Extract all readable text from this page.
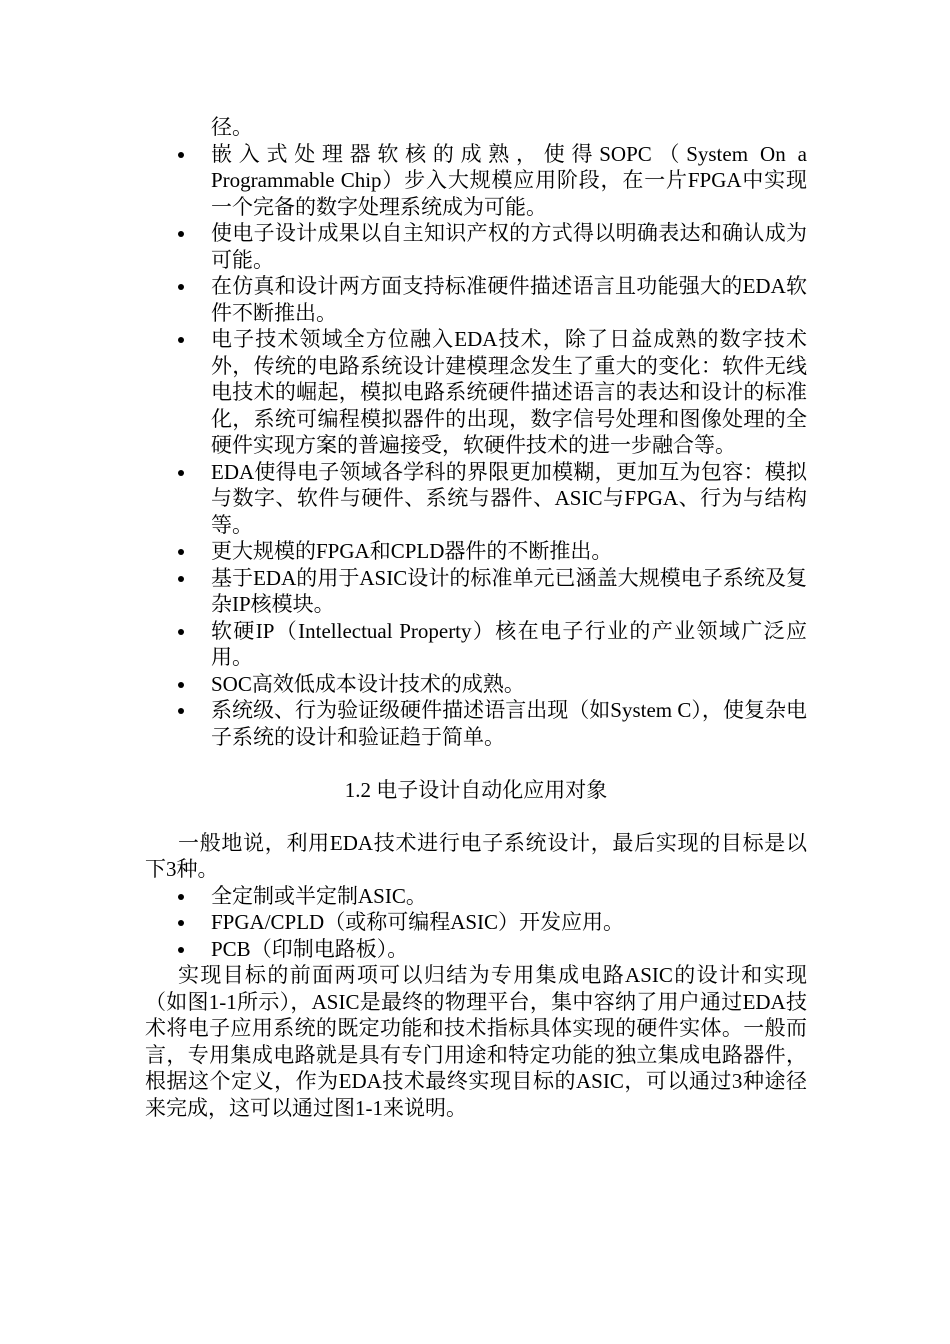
径。
嵌入式处理器软核的成熟，使得SOPC（System On a Programmable Chip）步入大规模应用阶段，在一片FPGA中实现一个完备的数字处理系统成为可能。
使电子设计成果以自主知识产权的方式得以明确表达和确认成为可能。
在仿真和设计两方面支持标准硬件描述语言且功能强大的EDA软件不断推出。
电子技术领域全方位融入EDA技术，除了日益成熟的数字技术外，传统的电路系统设计建模理念发生了重大的变化：软件无线电技术的崛起，模拟电路系统硬件描述语言的表达和设计的标准化，系统可编程模拟器件的出现，数字信号处理和图像处理的全硬件实现方案的普遍接受，软硬件技术的进一步融合等。
EDA使得电子领域各学科的界限更加模糊，更加互为包容：模拟与数字、软件与硬件、系统与器件、ASIC与FPGA、行为与结构等。
更大规模的FPGA和CPLD器件的不断推出。
基于EDA的用于ASIC设计的标准单元已涵盖大规模电子系统及复杂IP核模块。
软硬IP（Intellectual Property）核在电子行业的产业领域广泛应用。
SOC高效低成本设计技术的成熟。
系统级、行为验证级硬件描述语言出现（如System C），使复杂电子系统的设计和验证趋于简单。
1.2 电子设计自动化应用对象

一般地说，利用EDA技术进行电子系统设计，最后实现的目标是以下3种。

全定制或半定制ASIC。
FPGA/CPLD（或称可编程ASIC）开发应用。
PCB（印制电路板）。

实现目标的前面两项可以归结为专用集成电路ASIC的设计和实现（如图1-1所示），ASIC是最终的物理平台，集中容纳了用户通过EDA技术将电子应用系统的既定功能和技术指标具体实现的硬件实体。一般而言，专用集成电路就是具有专门用途和特定功能的独立集成电路器件，根据这个定义，作为EDA技术最终实现目标的ASIC，可以通过3种途径来完成，这可以通过图1-1来说明。
